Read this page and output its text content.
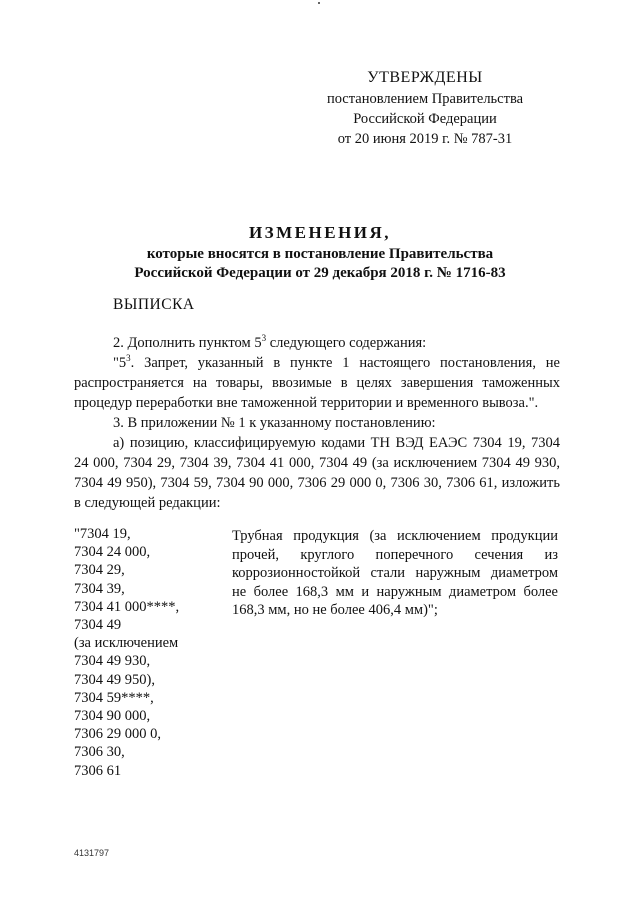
УТВЕРЖДЕНЫ
постановлением Правительства
Российской Федерации
от 20 июня 2019 г. № 787-31
ИЗМЕНЕНИЯ,
которые вносятся в постановление Правительства
Российской Федерации от 29 декабря 2018 г. № 1716-83
ВЫПИСКА

2. Дополнить пунктом $5^3$ следующего содержания:

"$5^3$. Запрет, указанный в пункте 1 настоящего постановления, не распространяется на товары, ввозимые в целях завершения таможенных процедур переработки вне таможенной территории и временного вывоза.".

3. В приложении № 1 к указанному постановлению:

а) позицию, классифицируемую кодами ТН ВЭД ЕАЭС 7304 19, 7304 24 000, 7304 29, 7304 39, 7304 41 000, 7304 49 (за исключением 7304 49 930, 7304 49 950), 7304 59, 7304 90 000, 7306 29 000 0, 7306 30, 7306 61, изложить в следующей редакции:

"7304 19,
7304 24 000,
7304 29,
7304 39,
7304 41 000****,
7304 49
(за исключением
7304 49 930,
7304 49 950),
7304 59****,
7304 90 000,
7306 29 000 0,
7306 30,
7306 61
Трубная продукция (за исключением продукции
прочей, круглого поперечного сечения из
коррозионностойкой стали наружным диаметром
не более 168,3 мм и наружным диаметром более
168,3 мм, но не более 406,4 мм)";
4131797
